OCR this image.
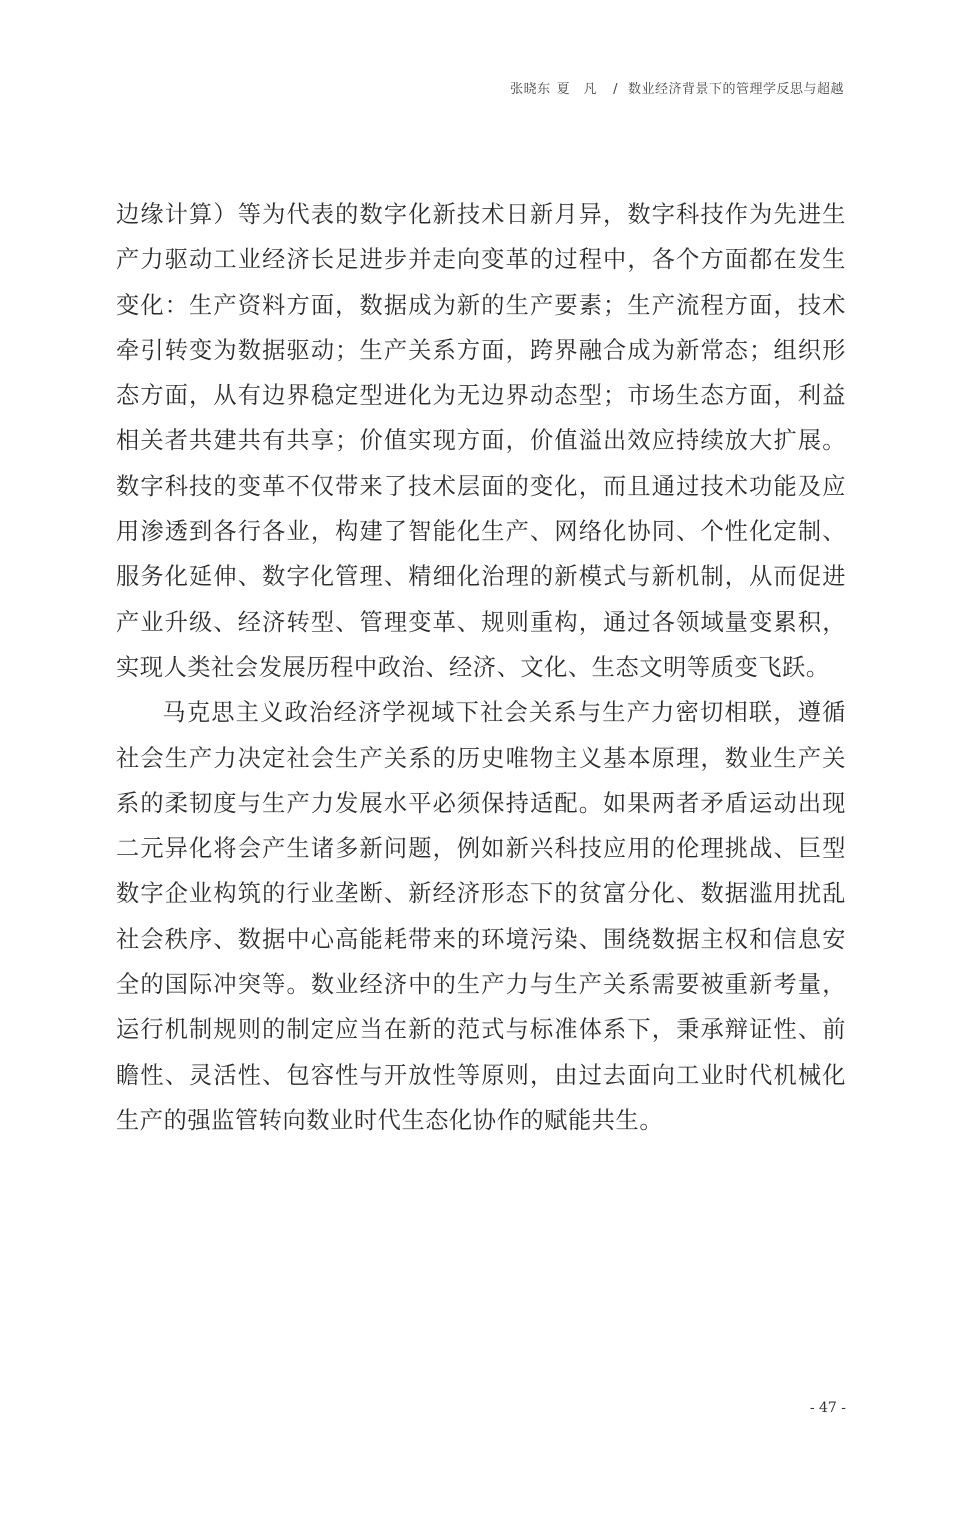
张晓东 夏　凡 / 数业经济背景下的管理学反思与超越

边缘计算）等为代表的数字化新技术日新月异，数字科技作为先进生产力驱动工业经济长足进步并走向变革的过程中，各个方面都在发生变化：生产资料方面，数据成为新的生产要素；生产流程方面，技术牵引转变为数据驱动；生产关系方面，跨界融合成为新常态；组织形态方面，从有边界稳定型进化为无边界动态型；市场生态方面，利益相关者共建共有共享；价值实现方面，价值溢出效应持续放大扩展。数字科技的变革不仅带来了技术层面的变化，而且通过技术功能及应用渗透到各行各业，构建了智能化生产、网络化协同、个性化定制、服务化延伸、数字化管理、精细化治理的新模式与新机制，从而促进产业升级、经济转型、管理变革、规则重构，通过各领域量变累积，实现人类社会发展历程中政治、经济、文化、生态文明等质变飞跃。

马克思主义政治经济学视域下社会关系与生产力密切相联，遵循社会生产力决定社会生产关系的历史唯物主义基本原理，数业生产关系的柔韧度与生产力发展水平必须保持适配。如果两者矛盾运动出现二元异化将会产生诸多新问题，例如新兴科技应用的伦理挑战、巨型数字企业构筑的行业垄断、新经济形态下的贫富分化、数据滥用扰乱社会秩序、数据中心高能耗带来的环境污染、围绕数据主权和信息安全的国际冲突等。数业经济中的生产力与生产关系需要被重新考量，运行机制规则的制定应当在新的范式与标准体系下，秉承辩证性、前瞻性、灵活性、包容性与开放性等原则，由过去面向工业时代机械化生产的强监管转向数业时代生态化协作的赋能共生。

- 47 -
